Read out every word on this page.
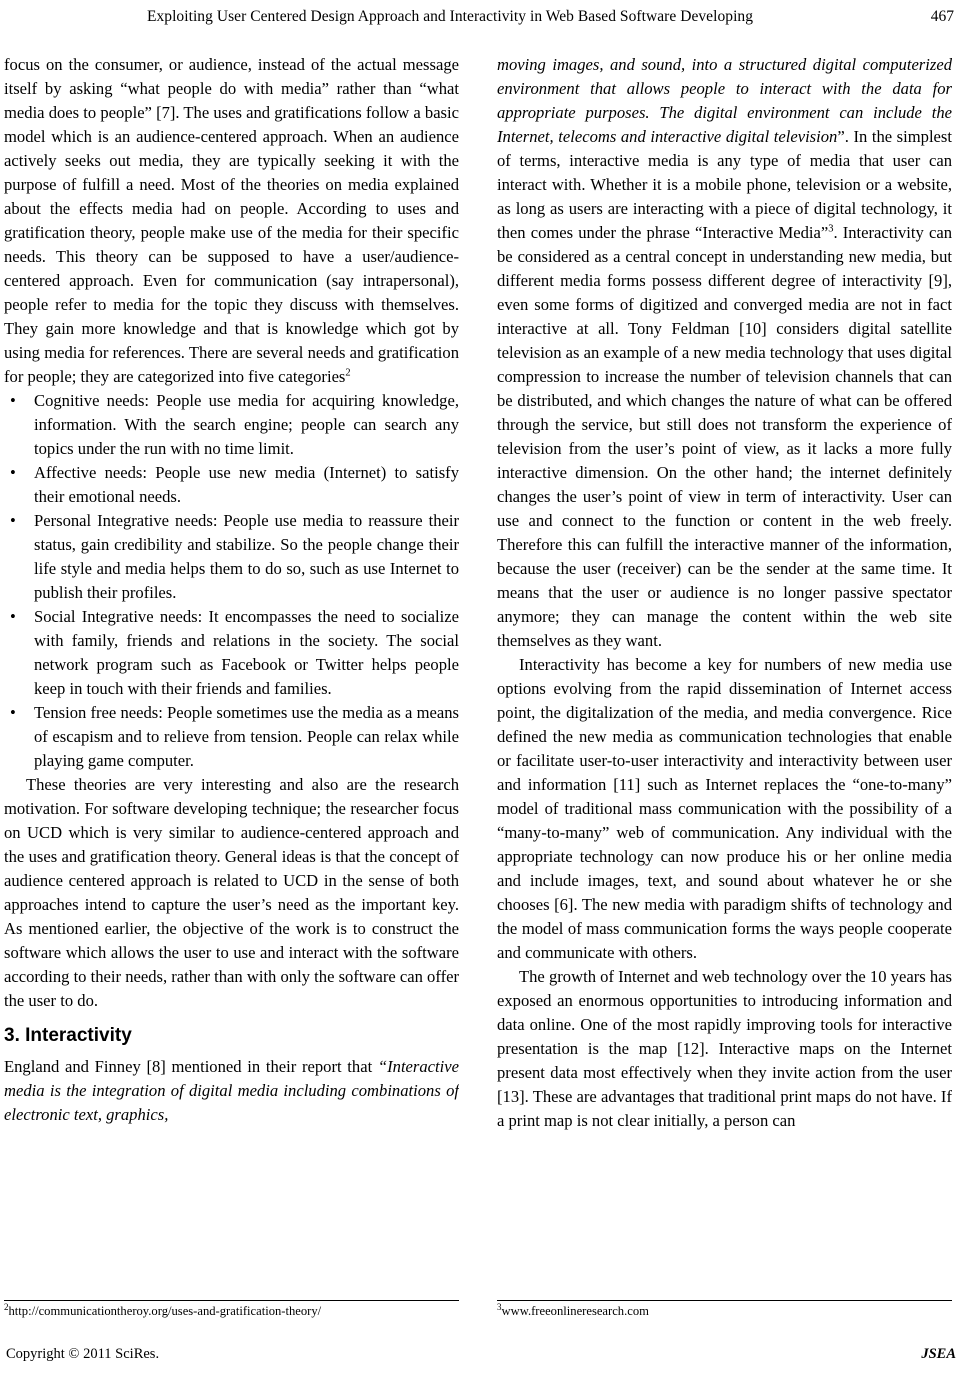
Exploiting User Centered Design Approach and Interactivity in Web Based Software Developing	467

focus on the consumer, or audience, instead of the actual message itself by asking “what people do with media” rather than “what media does to people” [7]. The uses and gratifications follow a basic model which is an audience-centered approach. When an audience actively seeks out media, they are typically seeking it with the purpose of fulfill a need. Most of the theories on media explained about the effects media had on people. According to uses and gratification theory, people make use of the media for their specific needs. This theory can be supposed to have a user/audience-centered approach. Even for communication (say intrapersonal), people refer to media for the topic they discuss with themselves. They gain more knowledge and that is knowledge which got by using media for references. There are several needs and gratification for people; they are categorized into five categories$^2$

• Cognitive needs: People use media for acquiring knowledge, information. With the search engine; people can search any topics under the run with no time limit.
• Affective needs: People use new media (Internet) to satisfy their emotional needs.
• Personal Integrative needs: People use media to reassure their status, gain credibility and stabilize. So the people change their life style and media helps them to do so, such as use Internet to publish their profiles.
• Social Integrative needs: It encompasses the need to socialize with family, friends and relations in the society. The social network program such as Facebook or Twitter helps people keep in touch with their friends and families.
• Tension free needs: People sometimes use the media as a means of escapism and to relieve from tension. People can relax while playing game computer.

These theories are very interesting and also are the research motivation. For software developing technique; the researcher focus on UCD which is very similar to audience-centered approach and the uses and gratification theory. General ideas is that the concept of audience centered approach is related to UCD in the sense of both approaches intend to capture the user’s need as the important key. As mentioned earlier, the objective of the work is to construct the software which allows the user to use and interact with the software according to their needs, rather than with only the software can offer the user to do.

3. Interactivity

England and Finney [8] mentioned in their report that “Interactive media is the integration of digital media including combinations of electronic text, graphics,

moving images, and sound, into a structured digital computerized environment that allows people to interact with the data for appropriate purposes. The digital environment can include the Internet, telecoms and interactive digital television”. In the simplest of terms, interactive media is any type of media that user can interact with. Whether it is a mobile phone, television or a website, as long as users are interacting with a piece of digital technology, it then comes under the phrase “Interactive Media”$^3$. Interactivity can be considered as a central concept in understanding new media, but different media forms possess different degree of interactivity [9], even some forms of digitized and converged media are not in fact interactive at all. Tony Feldman [10] considers digital satellite television as an example of a new media technology that uses digital compression to increase the number of television channels that can be distributed, and which changes the nature of what can be offered through the service, but still does not transform the experience of television from the user’s point of view, as it lacks a more fully interactive dimension. On the other hand; the internet definitely changes the user’s point of view in term of interactivity. User can use and connect to the function or content in the web freely. Therefore this can fulfill the interactive manner of the information, because the user (receiver) can be the sender at the same time. It means that the user or audience is no longer passive spectator anymore; they can manage the content within the web site themselves as they want.

Interactivity has become a key for numbers of new media use options evolving from the rapid dissemination of Internet access point, the digitalization of the media, and media convergence. Rice defined the new media as communication technologies that enable or facilitate user-to-user interactivity and interactivity between user and information [11] such as Internet replaces the “one-to-many” model of traditional mass communication with the possibility of a “many-to-many” web of communication. Any individual with the appropriate technology can now produce his or her online media and include images, text, and sound about whatever he or she chooses [6]. The new media with paradigm shifts of technology and the model of mass communication forms the ways people cooperate and communicate with others.

The growth of Internet and web technology over the 10 years has exposed an enormous opportunities to introducing information and data online. One of the most rapidly improving tools for interactive presentation is the map [12]. Interactive maps on the Internet present data most effectively when they invite action from the user [13]. These are advantages that traditional print maps do not have. If a print map is not clear initially, a person can

$^2$http://communicationtheroy.org/uses-and-gratification-theory/	$^3$www.freeonlineresearch.com
Copyright © 2011 SciRes.	JSEA
